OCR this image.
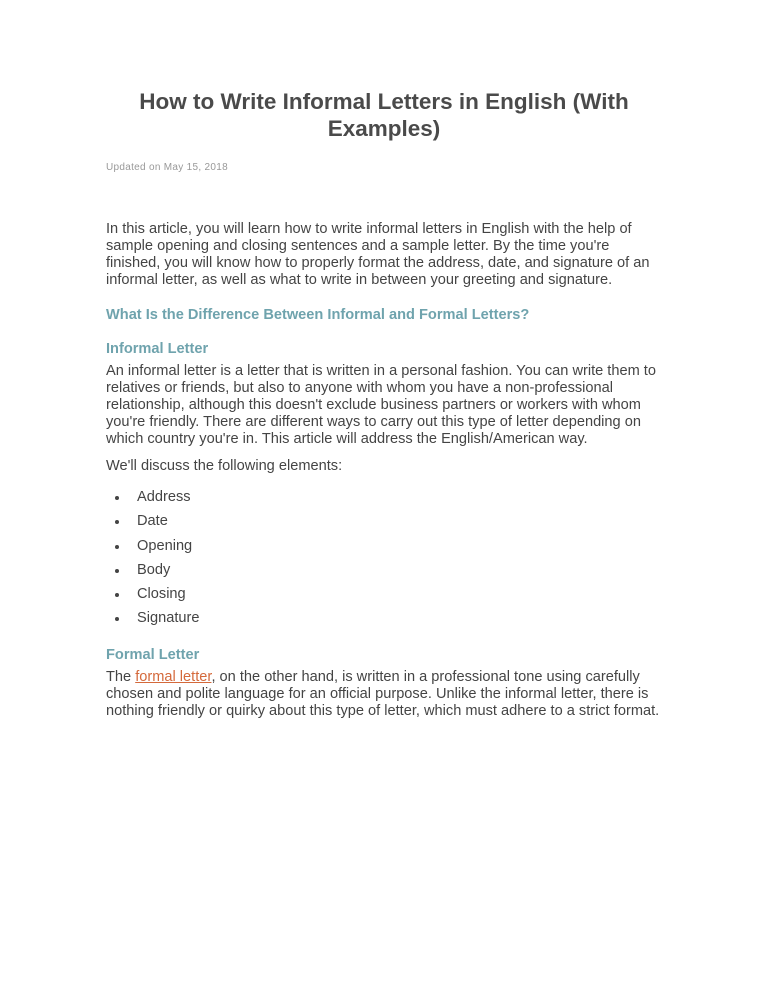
How to Write Informal Letters in English (With Examples)
Updated on May 15, 2018

In this article, you will learn how to write informal letters in English with the help of sample opening and closing sentences and a sample letter. By the time you're finished, you will know how to properly format the address, date, and signature of an informal letter, as well as what to write in between your greeting and signature.

What Is the Difference Between Informal and Formal Letters?
Informal Letter

An informal letter is a letter that is written in a personal fashion. You can write them to relatives or friends, but also to anyone with whom you have a non-professional relationship, although this doesn't exclude business partners or workers with whom you're friendly. There are different ways to carry out this type of letter depending on which country you're in. This article will address the English/American way.

We'll discuss the following elements:

Address
Date
Opening
Body
Closing
Signature
Formal Letter

The formal letter, on the other hand, is written in a professional tone using carefully chosen and polite language for an official purpose. Unlike the informal letter, there is nothing friendly or quirky about this type of letter, which must adhere to a strict format.
